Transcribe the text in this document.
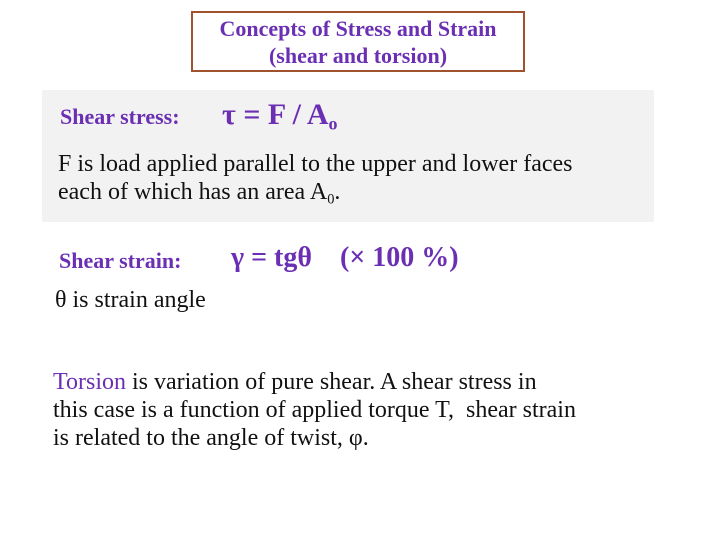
Concepts of Stress and Strain
(shear and torsion)
Shear stress: $\tau = F / A_o$
F is load applied parallel to the upper and lower faces
each of which has an area $A_0$.
Shear strain: γ = tgθ    (× 100 %)
θ is strain angle
Torsion is variation of pure shear. A shear stress in
this case is a function of applied torque T,  shear strain
is related to the angle of twist, φ.
